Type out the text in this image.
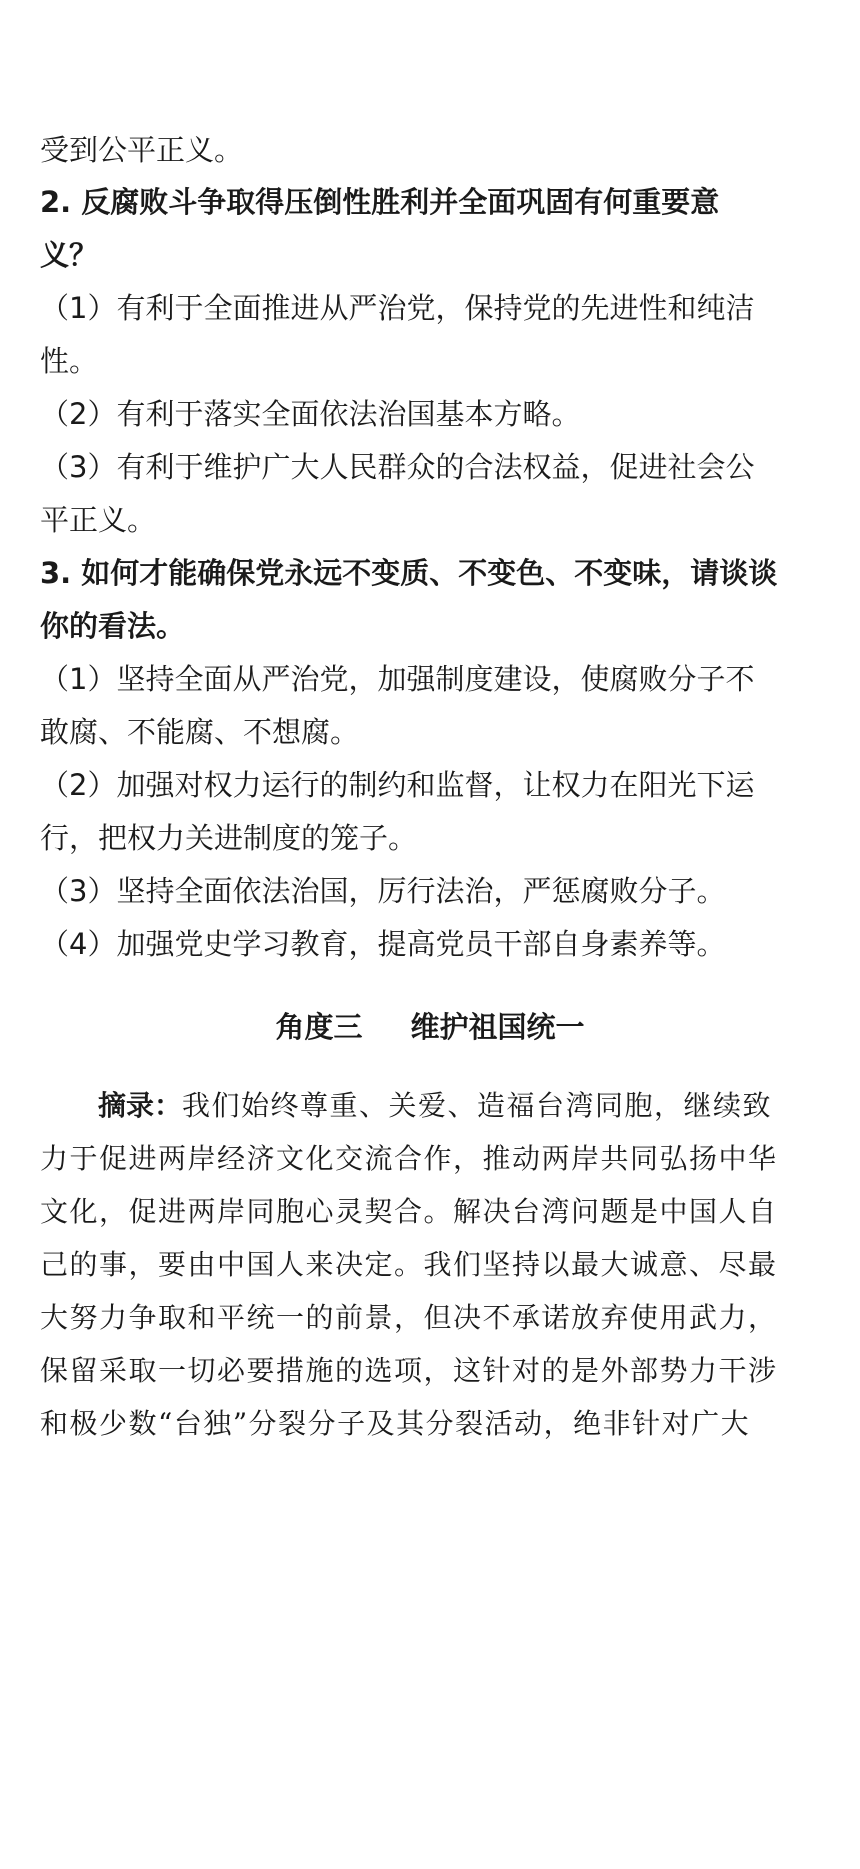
受到公平正义。
2. 反腐败斗争取得压倒性胜利并全面巩固有何重要意
义？
（1）有利于全面推进从严治党，保持党的先进性和纯洁
性。
（2）有利于落实全面依法治国基本方略。
（3）有利于维护广大人民群众的合法权益，促进社会公
平正义。
3. 如何才能确保党永远不变质、不变色、不变味，请谈谈
你的看法。
（1）坚持全面从严治党，加强制度建设，使腐败分子不
敢腐、不能腐、不想腐。
（2）加强对权力运行的制约和监督，让权力在阳光下运
行，把权力关进制度的笼子。
（3）坚持全面依法治国，厉行法治，严惩腐败分子。
（4）加强党史学习教育，提高党员干部自身素养等。
角度三 维护祖国统一
摘录：我们始终尊重、关爱、造福台湾同胞，继续致
力于促进两岸经济文化交流合作，推动两岸共同弘扬中华
文化，促进两岸同胞心灵契合。解决台湾问题是中国人自
己的事，要由中国人来决定。我们坚持以最大诚意、尽最
大努力争取和平统一的前景，但决不承诺放弃使用武力，
保留采取一切必要措施的选项，这针对的是外部势力干涉
和极少数“台独”分裂分子及其分裂活动，绝非针对广大
